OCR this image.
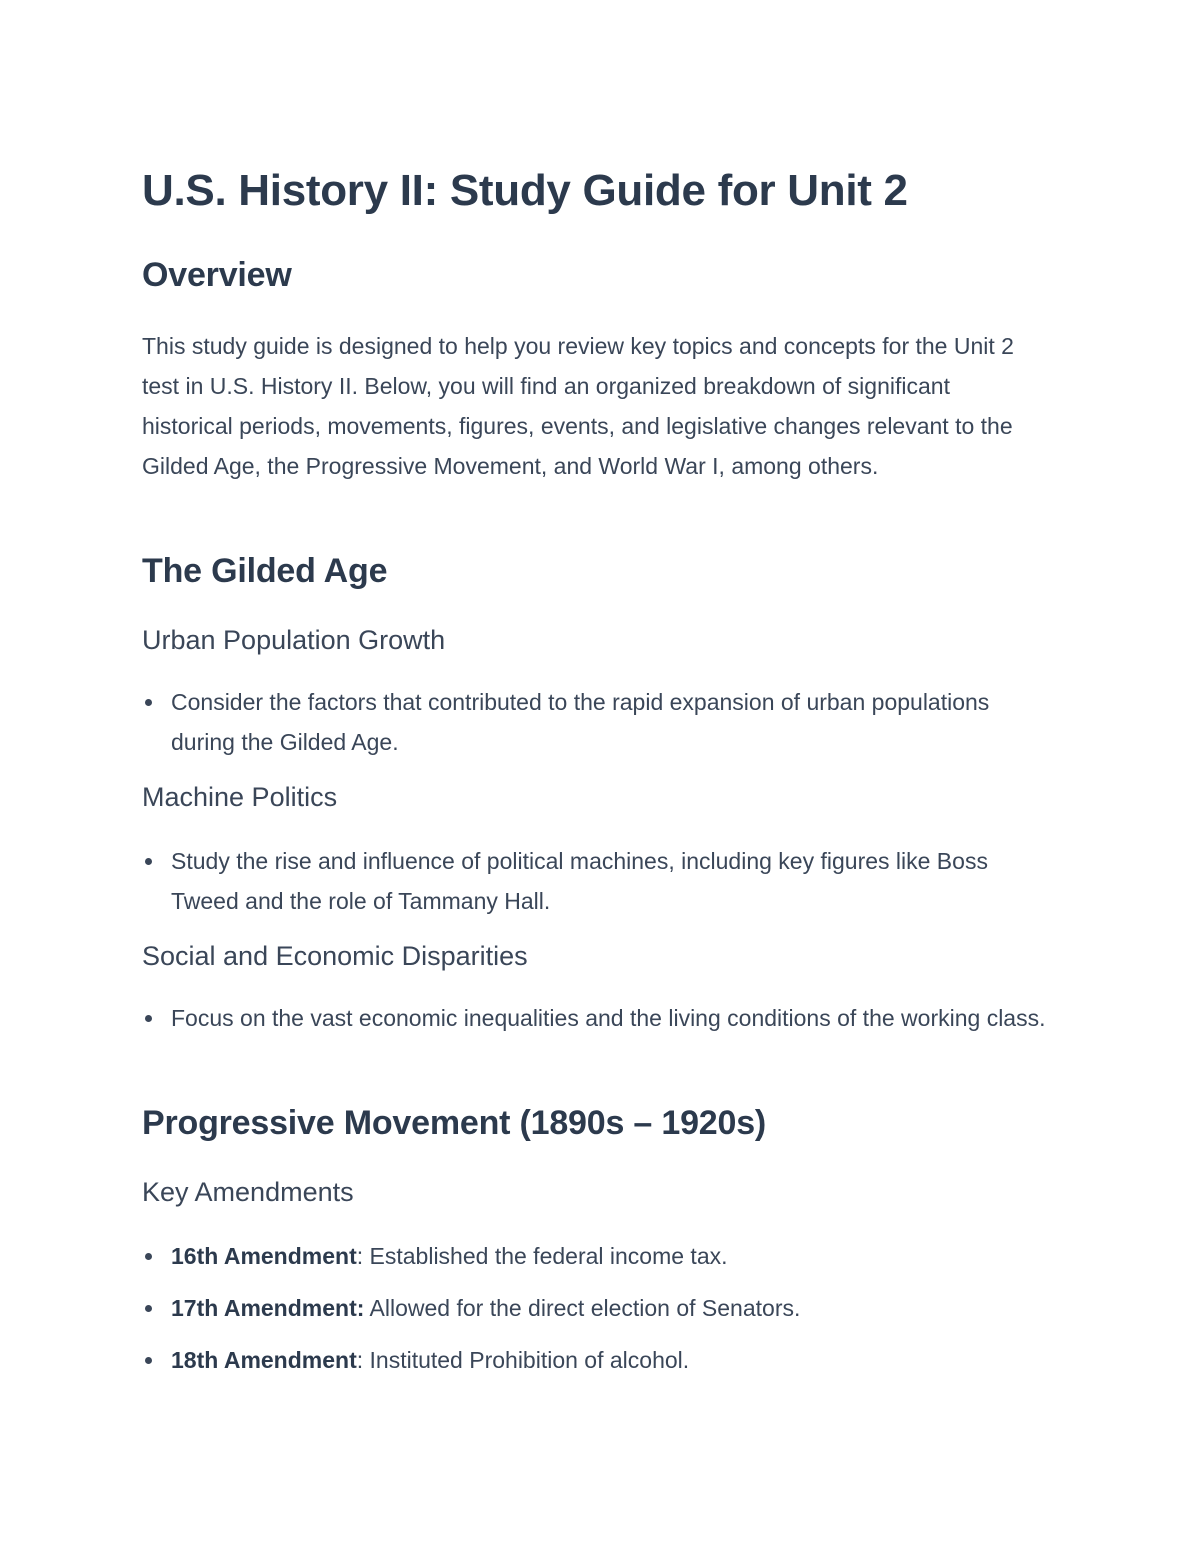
U.S. History II: Study Guide for Unit 2
Overview

This study guide is designed to help you review key topics and concepts for the Unit 2 test in U.S. History II. Below, you will find an organized breakdown of significant historical periods, movements, figures, events, and legislative changes relevant to the Gilded Age, the Progressive Movement, and World War I, among others.

The Gilded Age
Urban Population Growth
Consider the factors that contributed to the rapid expansion of urban populations during the Gilded Age.
Machine Politics
Study the rise and influence of political machines, including key figures like Boss Tweed and the role of Tammany Hall.
Social and Economic Disparities
Focus on the vast economic inequalities and the living conditions of the working class.
Progressive Movement (1890s – 1920s)
Key Amendments
16th Amendment: Established the federal income tax.
17th Amendment: Allowed for the direct election of Senators.
18th Amendment: Instituted Prohibition of alcohol.
